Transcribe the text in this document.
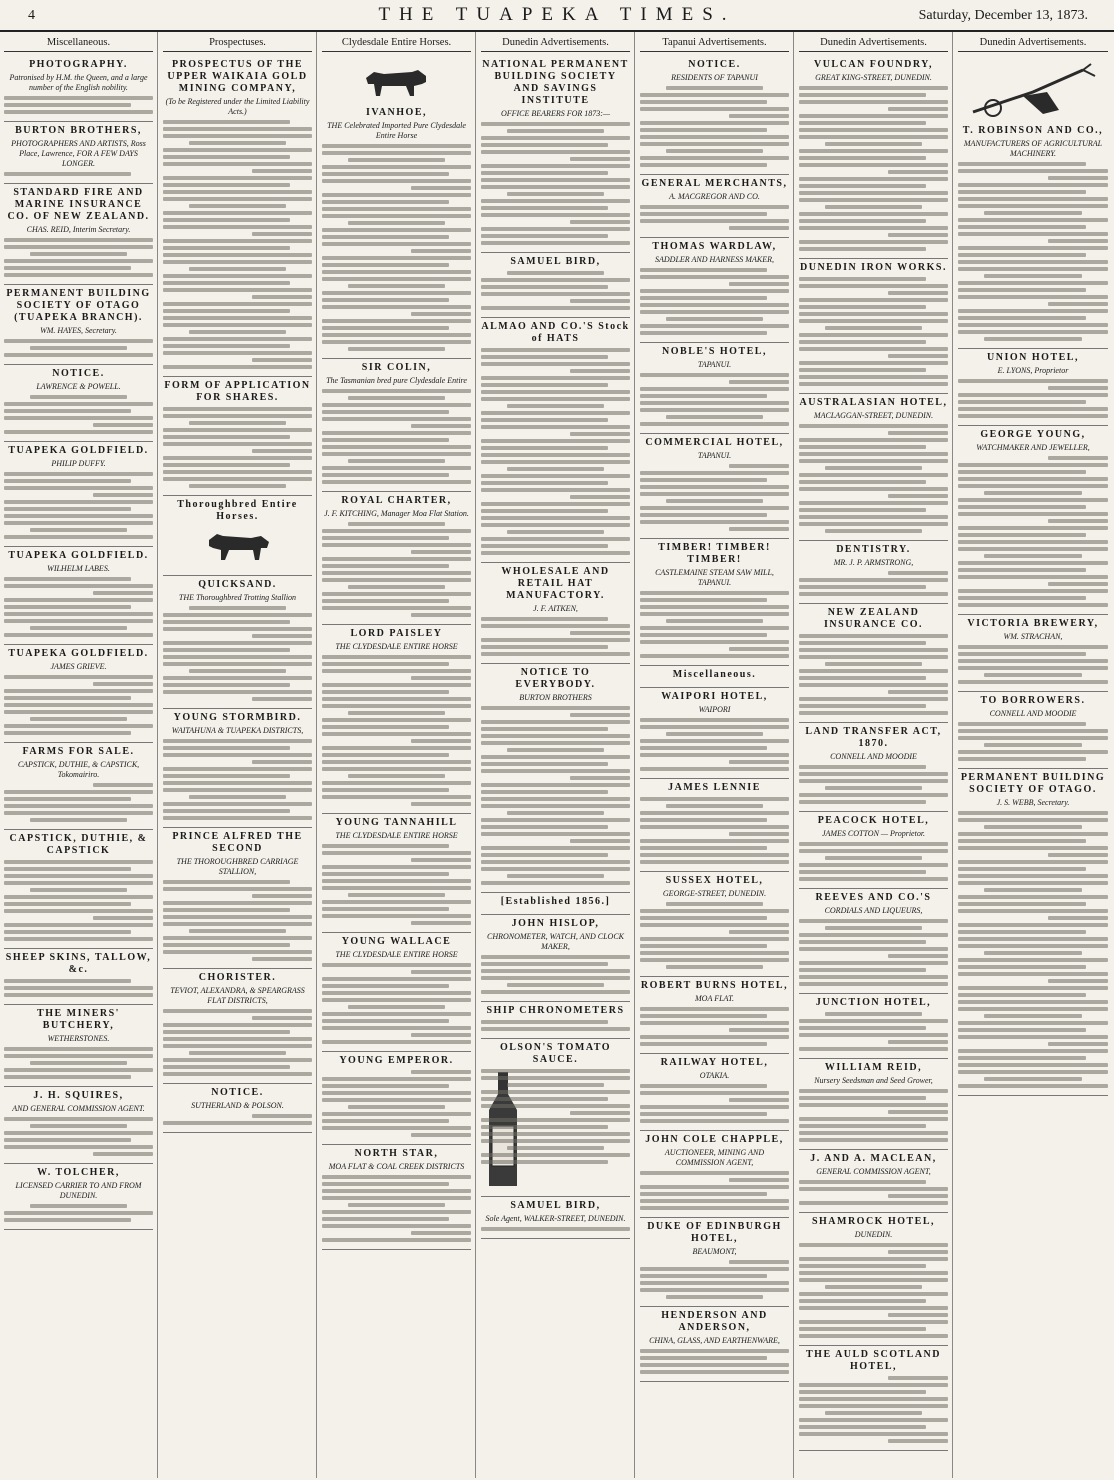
4	THE TUAPEKA TIMES.	Saturday, December 13, 1873.
Miscellaneous.
PHOTOGRAPHY.
Patronised by H.M. the Queen, and a large number of the English nobility.
BURTON BROTHERS,
PHOTOGRAPHERS AND ARTISTS, Ross Place, Lawrence, FOR A FEW DAYS LONGER.
STANDARD FIRE AND MARINE INSURANCE CO. OF NEW ZEALAND.
CHAS. REID, Interim Secretary.
PERMANENT BUILDING SOCIETY OF OTAGO (TUAPEKA BRANCH).
WM. HAYES, Secretary.
NOTICE.
LAWRENCE & POWELL.
TUAPEKA GOLDFIELD.
PHILIP DUFFY.
TUAPEKA GOLDFIELD.
WILHELM LABES.
TUAPEKA GOLDFIELD.
JAMES GRIEVE.
FARMS FOR SALE.
CAPSTICK, DUTHIE, & CAPSTICK, Tokomairiro.
CAPSTICK, DUTHIE, & CAPSTICK
SHEEP SKINS, TALLOW, &c.
THE MINERS' BUTCHERY,
WETHERSTONES.
J. H. SQUIRES,
AND GENERAL COMMISSION AGENT.
W. TOLCHER,
LICENSED CARRIER TO AND FROM DUNEDIN.
Prospectuses.
PROSPECTUS OF THE UPPER WAIKAIA GOLD MINING COMPANY,
(To be Registered under the Limited Liability Acts.)
FORM OF APPLICATION FOR SHARES.
Thoroughbred Entire Horses.
QUICKSAND.
THE Thoroughbred Trotting Stallion
YOUNG STORMBIRD.
WAITAHUNA & TUAPEKA DISTRICTS,
PRINCE ALFRED THE SECOND
THE THOROUGHBRED CARRIAGE STALLION,
CHORISTER.
TEVIOT, ALEXANDRA, & SPEARGRASS FLAT DISTRICTS,
NOTICE.
SUTHERLAND & POLSON.
Clydesdale Entire Horses.
IVANHOE,
THE Celebrated Imported Pure Clydesdale Entire Horse
SIR COLIN,
The Tasmanian bred pure Clydesdale Entire
ROYAL CHARTER,
J. F. KITCHING, Manager Moa Flat Station.
LORD PAISLEY
THE CLYDESDALE ENTIRE HORSE
YOUNG TANNAHILL
THE CLYDESDALE ENTIRE HORSE
YOUNG WALLACE
THE CLYDESDALE ENTIRE HORSE
YOUNG EMPEROR.
NORTH STAR,
MOA FLAT & COAL CREEK DISTRICTS
Dunedin Advertisements.
NATIONAL PERMANENT BUILDING SOCIETY AND SAVINGS INSTITUTE
OFFICE BEARERS FOR 1873:—
SAMUEL BIRD,
ALMAO AND CO.'S Stock of HATS
WHOLESALE AND RETAIL HAT MANUFACTORY.
J. F. AITKEN,
NOTICE TO EVERYBODY.
BURTON BROTHERS
[Established 1856.]
JOHN HISLOP,
CHRONOMETER, WATCH, AND CLOCK MAKER,
SHIP CHRONOMETERS
OLSON'S TOMATO SAUCE.
SAMUEL BIRD,
Sole Agent, WALKER-STREET, DUNEDIN.
Tapanui Advertisements.
NOTICE.
RESIDENTS OF TAPANUI
GENERAL MERCHANTS,
A. MACGREGOR AND CO.
THOMAS WARDLAW,
SADDLER AND HARNESS MAKER,
NOBLE'S HOTEL,
TAPANUI.
COMMERCIAL HOTEL,
TAPANUI.
TIMBER! TIMBER! TIMBER!
CASTLEMAINE STEAM SAW MILL, TAPANUI.
Miscellaneous.
WAIPORI HOTEL,
WAIPORI
JAMES LENNIE
SUSSEX HOTEL,
GEORGE-STREET, DUNEDIN.
ROBERT BURNS HOTEL,
MOA FLAT.
RAILWAY HOTEL,
OTAKIA.
JOHN COLE CHAPPLE,
AUCTIONEER, MINING AND COMMISSION AGENT,
DUKE OF EDINBURGH HOTEL,
BEAUMONT,
HENDERSON AND ANDERSON,
CHINA, GLASS, AND EARTHENWARE,
Dunedin Advertisements.
VULCAN FOUNDRY,
GREAT KING-STREET, DUNEDIN.
DUNEDIN IRON WORKS.
AUSTRALASIAN HOTEL,
MACLAGGAN-STREET, DUNEDIN.
DENTISTRY.
MR. J. P. ARMSTRONG,
NEW ZEALAND INSURANCE CO.
LAND TRANSFER ACT, 1870.
CONNELL AND MOODIE
PEACOCK HOTEL,
JAMES COTTON — Proprietor.
REEVES AND CO.'S
CORDIALS AND LIQUEURS,
JUNCTION HOTEL,
WILLIAM REID,
Nursery Seedsman and Seed Grower,
J. AND A. MACLEAN,
GENERAL COMMISSION AGENT,
SHAMROCK HOTEL,
DUNEDIN.
THE AULD SCOTLAND HOTEL,
Dunedin Advertisements.
T. ROBINSON AND CO.,
MANUFACTURERS OF AGRICULTURAL MACHINERY.
UNION HOTEL,
E. LYONS, Proprietor
GEORGE YOUNG,
WATCHMAKER AND JEWELLER,
VICTORIA BREWERY,
WM. STRACHAN,
TO BORROWERS.
CONNELL AND MOODIE
PERMANENT BUILDING SOCIETY OF OTAGO.
J. S. WEBB, Secretary.
